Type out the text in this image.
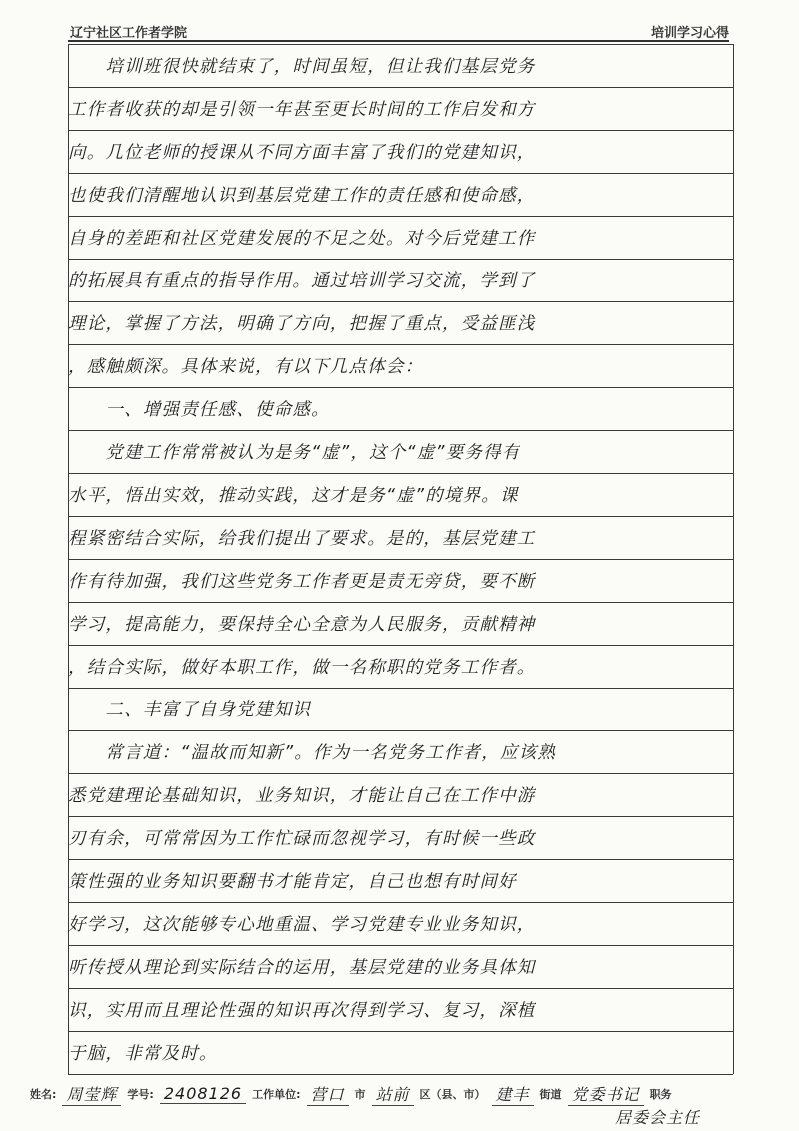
辽宁社区工作者学院	培训学习心得
　　培训班很快就结束了，时间虽短，但让我们基层党务
工作者收获的却是引领一年甚至更长时间的工作启发和方
向。几位老师的授课从不同方面丰富了我们的党建知识，
也使我们清醒地认识到基层党建工作的责任感和使命感，
自身的差距和社区党建发展的不足之处。对今后党建工作
的拓展具有重点的指导作用。通过培训学习交流，学到了
理论，掌握了方法，明确了方向，把握了重点，受益匪浅
，感触颇深。具体来说，有以下几点体会：
　　一、增强责任感、使命感。
　　党建工作常常被认为是务“虚”，这个“虚”要务得有
水平，悟出实效，推动实践，这才是务“虚”的境界。课
程紧密结合实际，给我们提出了要求。是的，基层党建工
作有待加强，我们这些党务工作者更是责无旁贷，要不断
学习，提高能力，要保持全心全意为人民服务，贡献精神
，结合实际，做好本职工作，做一名称职的党务工作者。
　　二、丰富了自身党建知识
　　常言道：“温故而知新”。作为一名党务工作者，应该熟
悉党建理论基础知识，业务知识，才能让自己在工作中游
刃有余，可常常因为工作忙碌而忽视学习，有时候一些政
策性强的业务知识要翻书才能肯定，自己也想有时间好
好学习，这次能够专心地重温、学习党建专业业务知识，
听传授从理论到实际结合的运用，基层党建的业务具体知
识，实用而且理论性强的知识再次得到学习、复习，深植
于脑，非常及时。
姓名: 周莹辉 学号: 2408126 工作单位: 营口 市 站前 区（县、市） 建丰 街道 党委书记 职务
居委会主任
